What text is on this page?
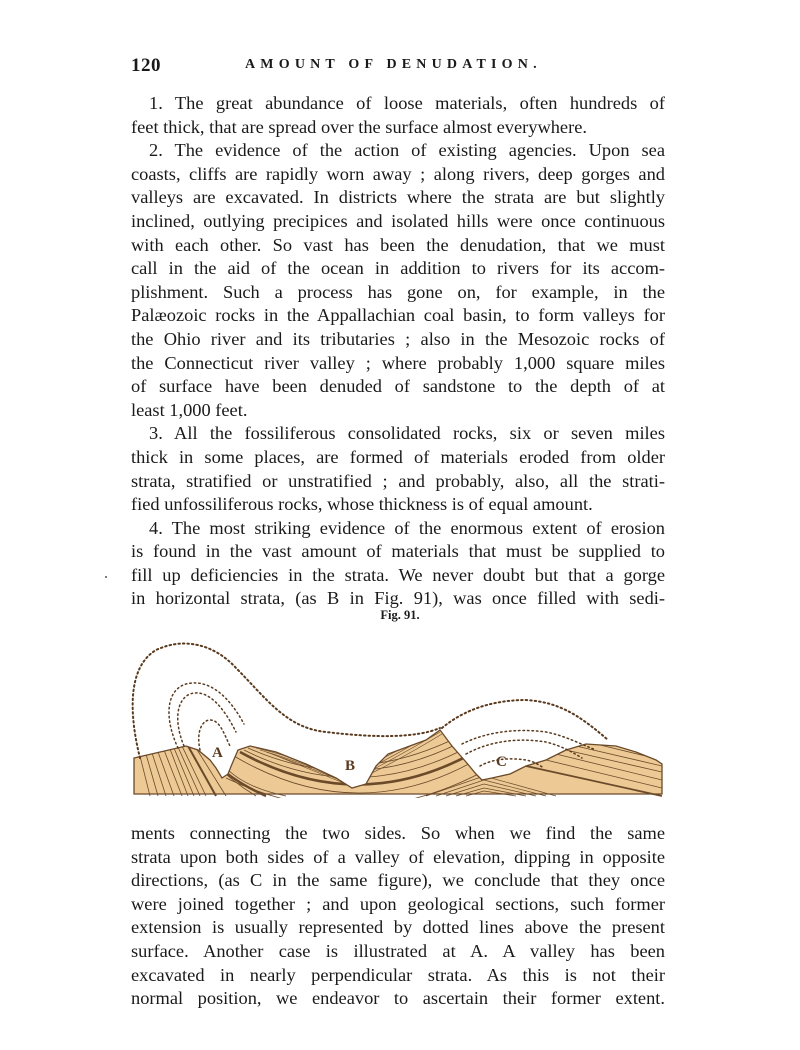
120	AMOUNT OF DENUDATION.

1. The great abundance of loose materials, often hundreds of
feet thick, that are spread over the surface almost everywhere.

2. The evidence of the action of existing agencies. Upon sea
coasts, cliffs are rapidly worn away ; along rivers, deep gorges and
valleys are excavated. In districts where the strata are but slightly
inclined, outlying precipices and isolated hills were once continuous
with each other. So vast has been the denudation, that we must
call in the aid of the ocean in addition to rivers for its accom-
plishment. Such a process has gone on, for example, in the
Palæozoic rocks in the Appallachian coal basin, to form valleys for
the Ohio river and its tributaries ; also in the Mesozoic rocks of
the Connecticut river valley ; where probably 1,000 square miles
of surface have been denuded of sandstone to the depth of at
least 1,000 feet.

3. All the fossiliferous consolidated rocks, six or seven miles
thick in some places, are formed of materials eroded from older
strata, stratified or unstratified ; and probably, also, all the strati-
fied unfossiliferous rocks, whose thickness is of equal amount.

4. The most striking evidence of the enormous extent of erosion
is found in the vast amount of materials that must be supplied to
fill up deficiencies in the strata. We never doubt but that a gorge
in horizontal strata, (as B in Fig. 91), was once filled with sedi-

Fig. 91.
A
B	C

ments connecting the two sides. So when we find the same
strata upon both sides of a valley of elevation, dipping in opposite
directions, (as C in the same figure), we conclude that they once
were joined together ; and upon geological sections, such former
extension is usually represented by dotted lines above the present
surface. Another case is illustrated at A. A valley has been
excavated in nearly perpendicular strata. As this is not their
normal position, we endeavor to ascertain their former extent.
